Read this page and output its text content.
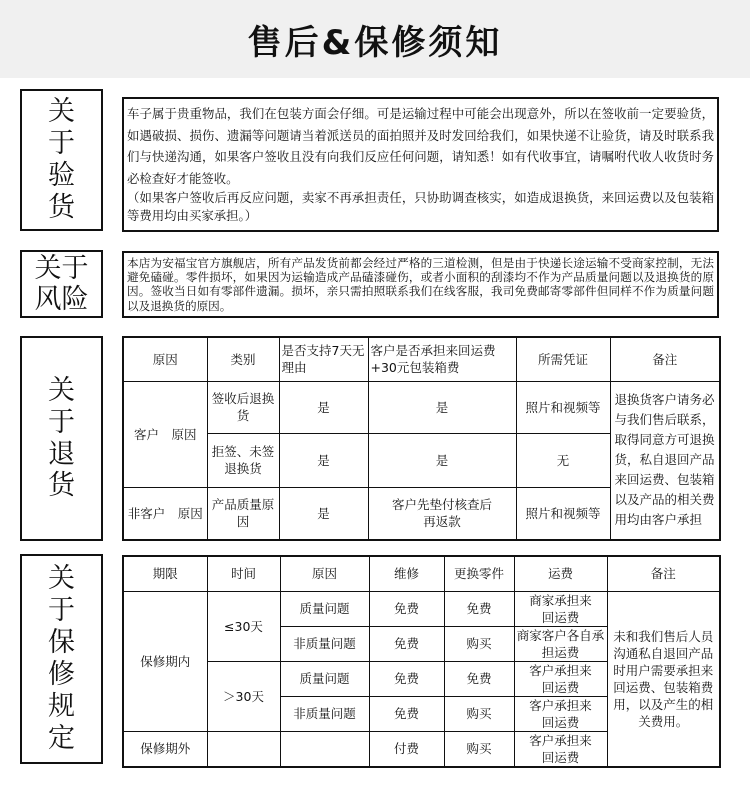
售后&保修须知
关
于
验
货

车子属于贵重物品，我们在包装方面会仔细。可是运输过程中可能会出现意外，所以在签收前一定要验货，如遇破损、损伤、遗漏等问题请当着派送员的面拍照并及时发回给我们，如果快递不让验货，请及时联系我们与快递沟通，如果客户签收且没有向我们反应任何问题，请知悉！如有代收事宜，请嘱咐代收人收货时务必检查好才能签收。

（如果客户签收后再反应问题，卖家不再承担责任，只协助调查核实，如造成退换货，来回运费以及包装箱等费用均由买家承担。）

关于
风险

本店为安福宝官方旗舰店，所有产品发货前都会经过严格的三道检测，但是由于快递长途运输不受商家控制，无法避免磕碰。零件损坏，如果因为运输造成产品磕漆碰伤，或者小面积的刮漆均不作为产品质量问题以及退换货的原因。签收当日如有零部件遗漏。损坏，亲只需拍照联系我们在线客服，我司免费邮寄零部件但同样不作为质量问题以及退换货的原因。

关
于
退
货
原因	类别	是否支持7天无理由	客户是否承担来回运费+30元包装箱费	所需凭证	备注
客户　原因	签收后退换货	是	是	照片和视频等	退换货客户请务必与我们售后联系，取得同意方可退换货，私自退回产品来回运费、包装箱以及产品的相关费用均由客户承担
	拒签、未签退换货	是	是	无	
非客户　原因	产品质量原因	是	客户先垫付核查后再返款	照片和视频等	
关
于
保
修
规
定
期限	时间	原因	维修	更换零件	运费	备注
保修期内	≤30天	质量问题	免费	免费	商家承担来回运费	未和我们售后人员沟通私自退回产品时用户需要承担来回运费、包装箱费用，以及产生的相关费用。
		非质量问题	免费	购买	商家客户各自承担运费	
	＞30天	质量问题	免费	免费	客户承担来回运费	
		非质量问题	免费	购买	客户承担来回运费	
保修期外			付费	购买	客户承担来回运费	
